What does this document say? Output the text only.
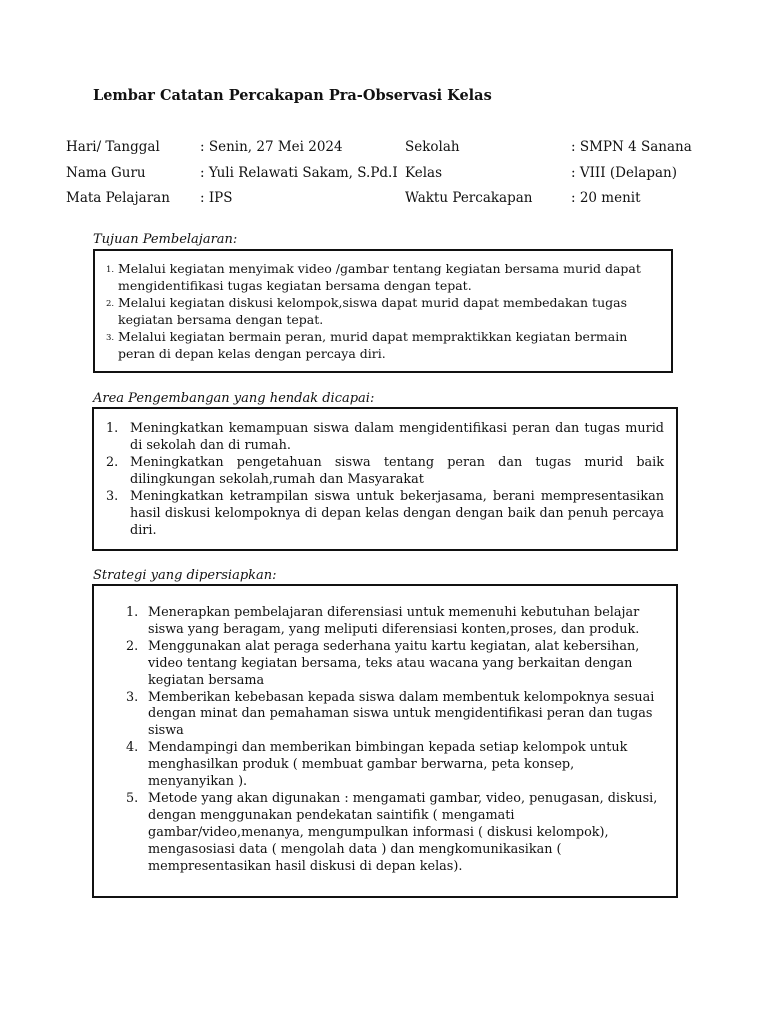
Lembar Catatan Percakapan Pra-Observasi Kelas
Hari/ Tanggal	: Senin, 27 Mei 2024	Sekolah	: SMPN 4 Sanana
Nama Guru	: Yuli Relawati Sakam, S.Pd.I Kelas	: VIII (Delapan)
Mata Pelajaran : IPS	Waktu Percakapan	: 20 menit
Tujuan Pembelajaran:
1. Melalui kegiatan menyimak video /gambar tentang kegiatan bersama murid dapat
mengidentifikasi tugas kegiatan bersama dengan tepat.
2. Melalui kegiatan diskusi kelompok,siswa dapat murid dapat membedakan tugas
kegiatan bersama dengan tepat.
3. Melalui kegiatan bermain peran, murid dapat mempraktikkan kegiatan bermain
peran di depan kelas dengan percaya diri.
Area Pengembangan yang hendak dicapai:
1. Meningkatkan kemampuan siswa dalam mengidentifikasi peran dan tugas murid di sekolah dan di rumah.
2. Meningkatkan pengetahuan siswa tentang peran dan tugas murid baik dilingkungan sekolah,rumah dan Masyarakat
3. Meningkatkan ketrampilan siswa untuk bekerjasama, berani mempresentasikan hasil diskusi kelompoknya di depan kelas dengan dengan baik dan penuh percaya diri.
Strategi yang dipersiapkan:
1. Menerapkan pembelajaran diferensiasi untuk memenuhi kebutuhan belajar
siswa yang beragam, yang meliputi diferensiasi konten,proses, dan produk.
2. Menggunakan alat peraga sederhana yaitu kartu kegiatan, alat kebersihan,
video tentang kegiatan bersama, teks atau wacana yang berkaitan dengan
kegiatan bersama
3. Memberikan kebebasan kepada siswa dalam membentuk kelompoknya sesuai
dengan minat dan pemahaman siswa untuk mengidentifikasi peran dan tugas
siswa
4. Mendampingi dan memberikan bimbingan kepada setiap kelompok untuk
menghasilkan produk ( membuat gambar berwarna, peta konsep,
menyanyikan ).
5. Metode yang akan digunakan : mengamati gambar, video, penugasan, diskusi,
dengan menggunakan pendekatan saintifik ( mengamati
gambar/video,menanya, mengumpulkan informasi ( diskusi kelompok),
mengasosiasi data ( mengolah data ) dan mengkomunikasikan (
mempresentasikan hasil diskusi di depan kelas).
